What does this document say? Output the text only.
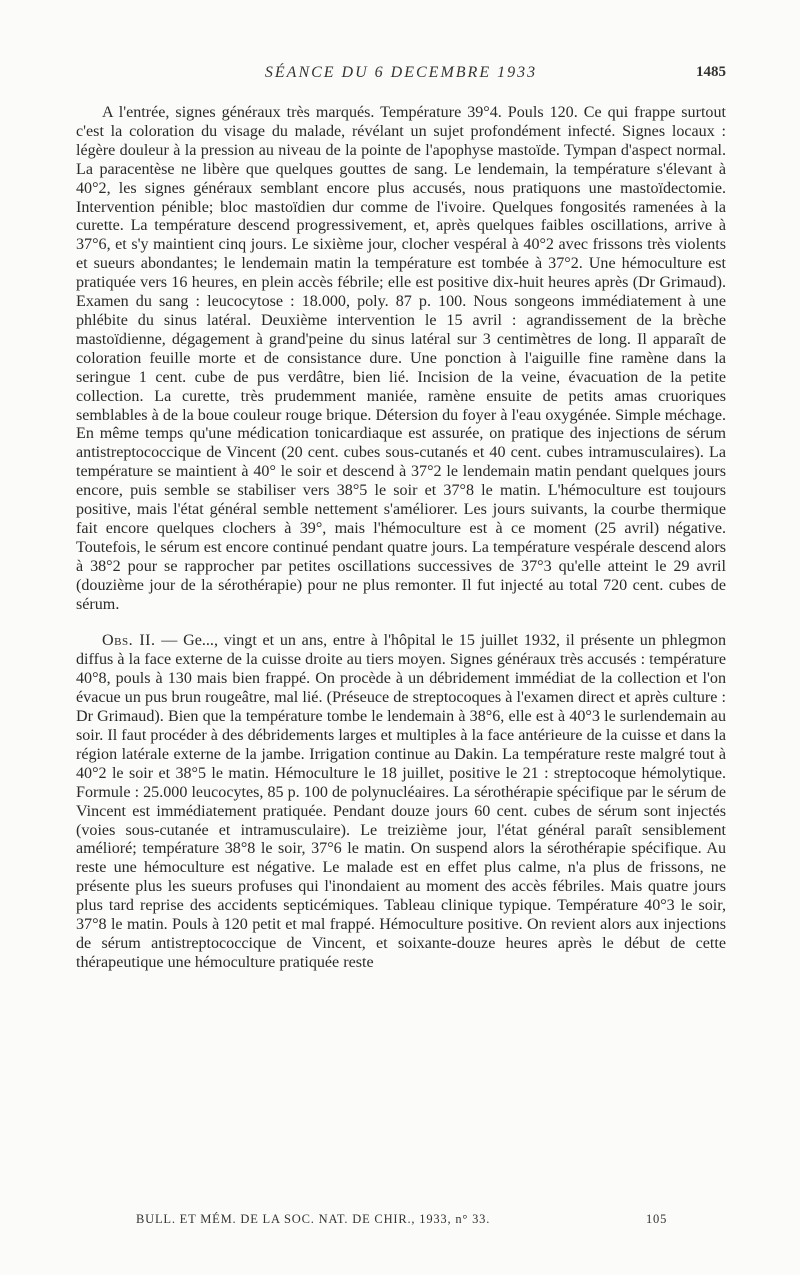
SÉANCE DU 6 DECEMBRE 1933	1485

A l'entrée, signes généraux très marqués. Température 39°4. Pouls 120. Ce qui frappe surtout c'est la coloration du visage du malade, révélant un sujet profondément infecté. Signes locaux : légère douleur à la pression au niveau de la pointe de l'apophyse mastoïde. Tympan d'aspect normal. La paracentèse ne libère que quelques gouttes de sang. Le lendemain, la température s'élevant à 40°2, les signes généraux semblant encore plus accusés, nous pratiquons une mastoïdectomie. Intervention pénible; bloc mastoïdien dur comme de l'ivoire. Quelques fongosités ramenées à la curette. La température descend progressivement, et, après quelques faibles oscillations, arrive à 37°6, et s'y maintient cinq jours. Le sixième jour, clocher vespéral à 40°2 avec frissons très violents et sueurs abondantes; le lendemain matin la température est tombée à 37°2. Une hémoculture est pratiquée vers 16 heures, en plein accès fébrile; elle est positive dix-huit heures après (Dr Grimaud). Examen du sang : leucocytose : 18.000, poly. 87 p. 100. Nous songeons immédiatement à une phlébite du sinus latéral. Deuxième intervention le 15 avril : agrandissement de la brèche mastoïdienne, dégagement à grand'peine du sinus latéral sur 3 centimètres de long. Il apparaît de coloration feuille morte et de consistance dure. Une ponction à l'aiguille fine ramène dans la seringue 1 cent. cube de pus verdâtre, bien lié. Incision de la veine, évacuation de la petite collection. La curette, très prudemment maniée, ramène ensuite de petits amas cruoriques semblables à de la boue couleur rouge brique. Détersion du foyer à l'eau oxygénée. Simple méchage. En même temps qu'une médication tonicardiaque est assurée, on pratique des injections de sérum antistreptococcique de Vincent (20 cent. cubes sous-cutanés et 40 cent. cubes intramusculaires). La température se maintient à 40° le soir et descend à 37°2 le lendemain matin pendant quelques jours encore, puis semble se stabiliser vers 38°5 le soir et 37°8 le matin. L'hémoculture est toujours positive, mais l'état général semble nettement s'améliorer. Les jours suivants, la courbe thermique fait encore quelques clochers à 39°, mais l'hémoculture est à ce moment (25 avril) négative. Toutefois, le sérum est encore continué pendant quatre jours. La température vespérale descend alors à 38°2 pour se rapprocher par petites oscillations successives de 37°3 qu'elle atteint le 29 avril (douzième jour de la sérothérapie) pour ne plus remonter. Il fut injecté au total 720 cent. cubes de sérum.

Obs. II. — Ge..., vingt et un ans, entre à l'hôpital le 15 juillet 1932, il présente un phlegmon diffus à la face externe de la cuisse droite au tiers moyen. Signes généraux très accusés : température 40°8, pouls à 130 mais bien frappé. On procède à un débridement immédiat de la collection et l'on évacue un pus brun rougeâtre, mal lié. (Préseuce de streptocoques à l'examen direct et après culture : Dr Grimaud). Bien que la température tombe le lendemain à 38°6, elle est à 40°3 le surlendemain au soir. Il faut procéder à des débridements larges et multiples à la face antérieure de la cuisse et dans la région latérale externe de la jambe. Irrigation continue au Dakin. La température reste malgré tout à 40°2 le soir et 38°5 le matin. Hémoculture le 18 juillet, positive le 21 : streptocoque hémolytique. Formule : 25.000 leucocytes, 85 p. 100 de polynucléaires. La sérothérapie spécifique par le sérum de Vincent est immédiatement pratiquée. Pendant douze jours 60 cent. cubes de sérum sont injectés (voies sous-cutanée et intramusculaire). Le treizième jour, l'état général paraît sensiblement amélioré; température 38°8 le soir, 37°6 le matin. On suspend alors la sérothérapie spécifique. Au reste une hémoculture est négative. Le malade est en effet plus calme, n'a plus de frissons, ne présente plus les sueurs profuses qui l'inondaient au moment des accès fébriles. Mais quatre jours plus tard reprise des accidents septicémiques. Tableau clinique typique. Température 40°3 le soir, 37°8 le matin. Pouls à 120 petit et mal frappé. Hémoculture positive. On revient alors aux injections de sérum antistreptococcique de Vincent, et soixante-douze heures après le début de cette thérapeutique une hémoculture pratiquée reste

BULL. ET MÉM. DE LA SOC. NAT. DE CHIR., 1933, n° 33.	105
